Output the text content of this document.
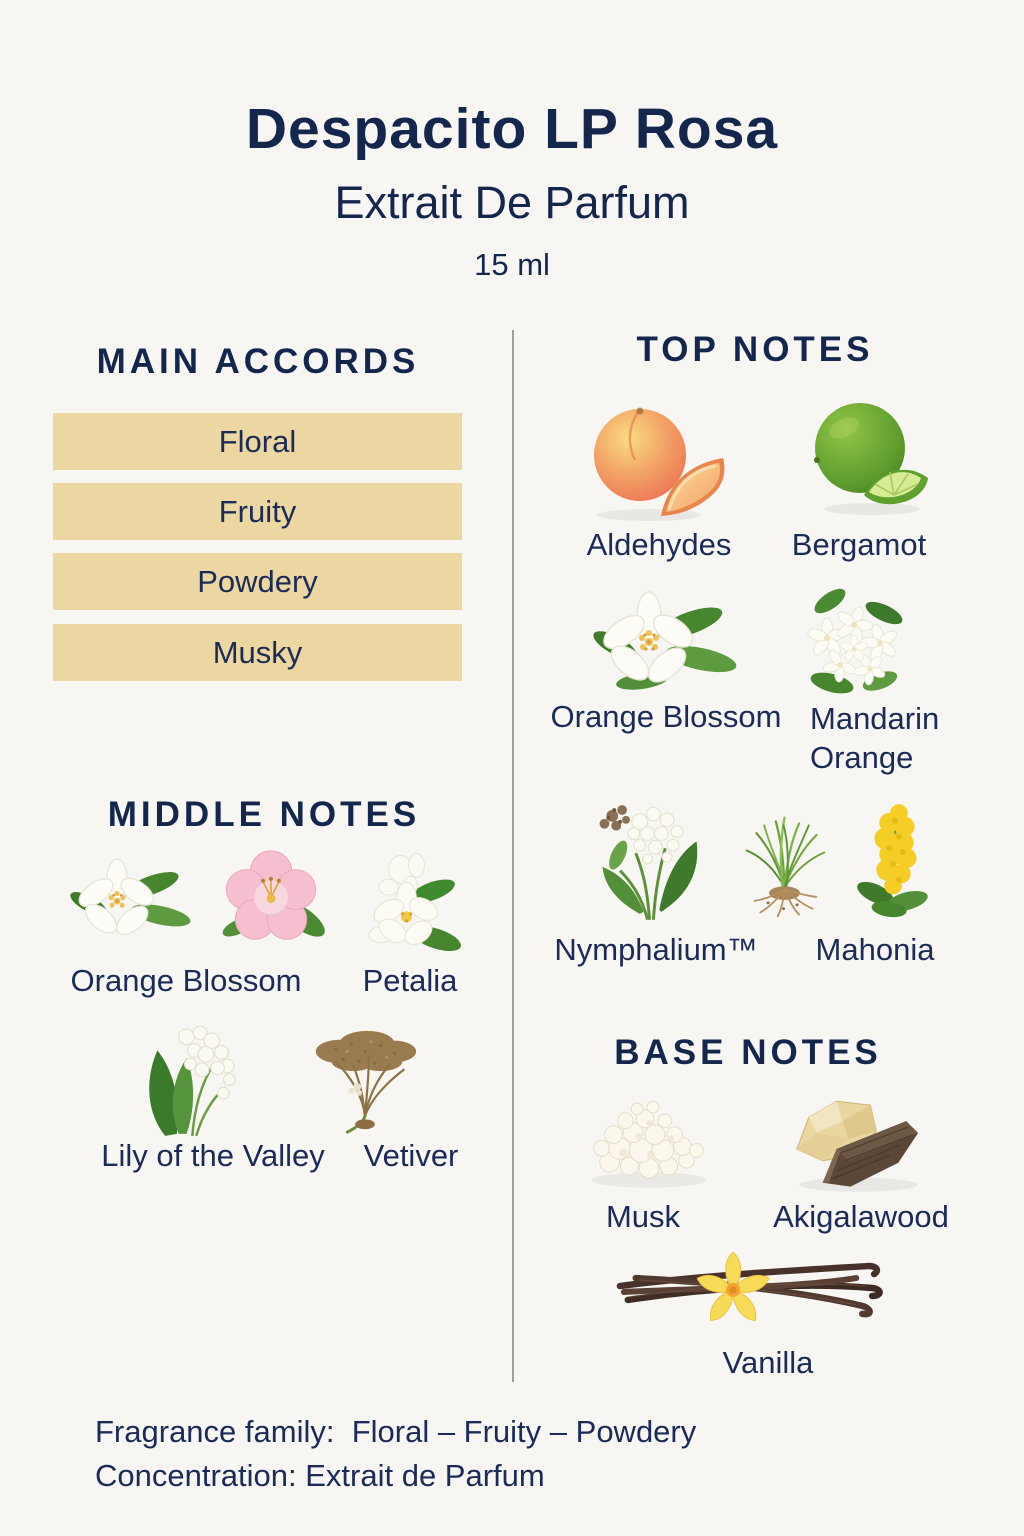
Despacito LP Rosa
Extrait De Parfum
15 ml
MAIN ACCORDS
Floral
Fruity
Powdery
Musky
TOP NOTES
Aldehydes Bergamot
Orange Blossom Mandarin Orange
Nymphalium™ Mahonia
MIDDLE NOTES
Orange Blossom Petalia
Lily of the Valley Vetiver
BASE NOTES
Musk	Akigalawood
Vanilla
Fragrance family:  Floral – Fruity – Powdery
Concentration: Extrait de Parfum
